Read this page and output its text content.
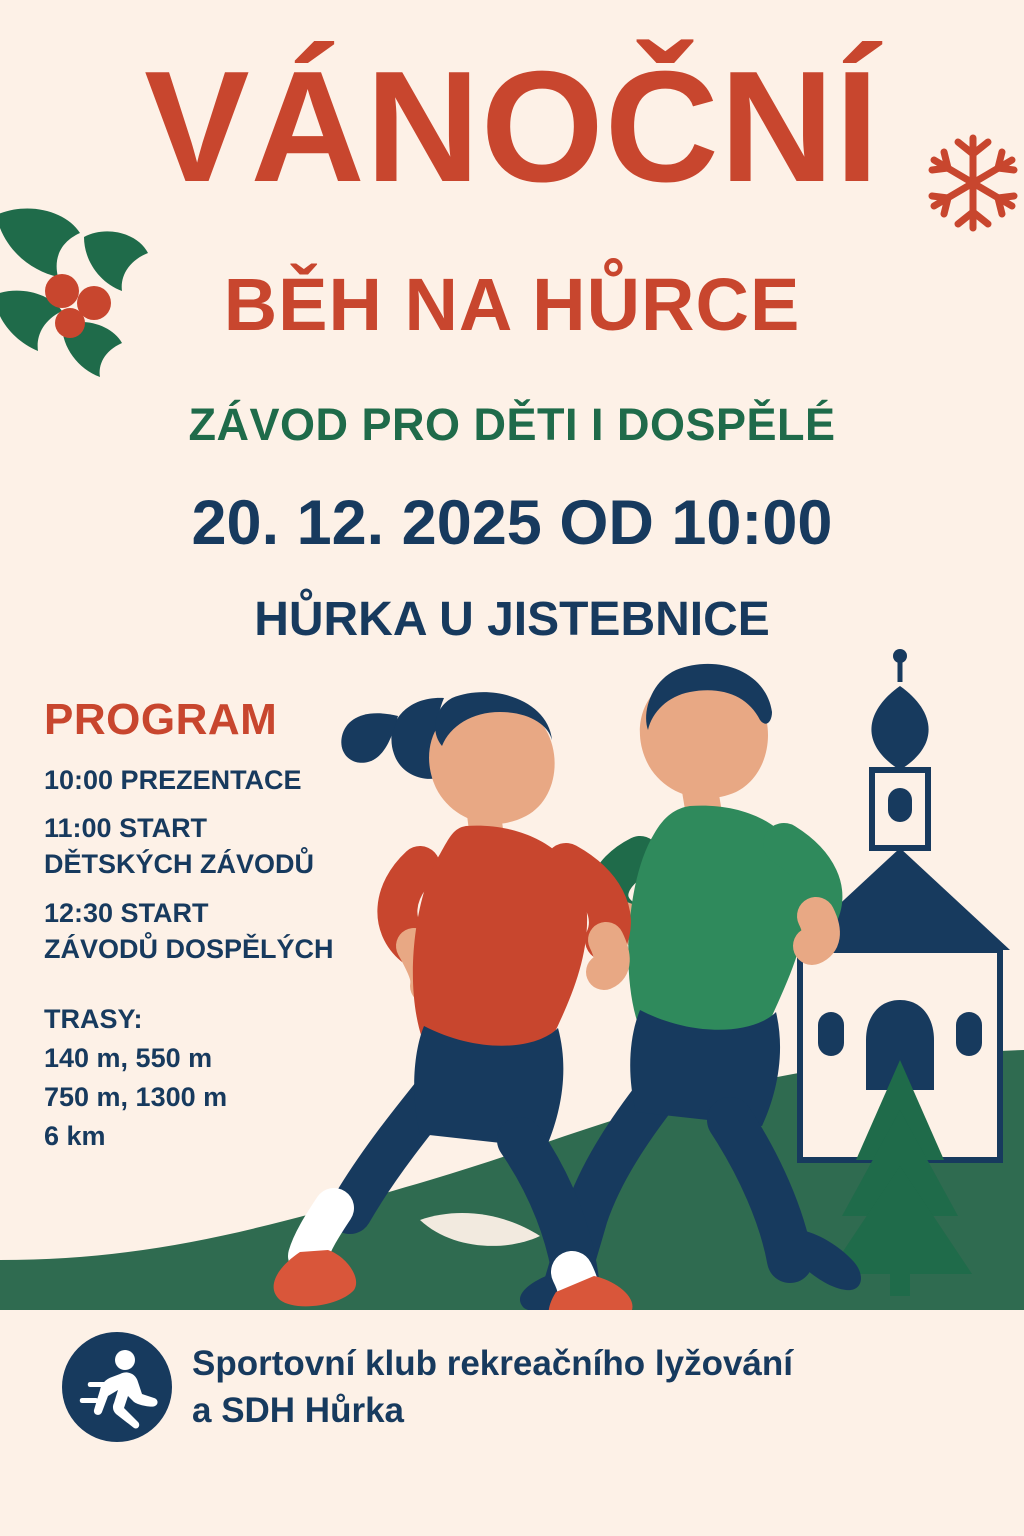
VÁNOČNÍ
BĚH NA HŮRCE
ZÁVOD PRO DĚTI I DOSPĚLÉ
20. 12. 2025 OD 10:00
HŮRKA U JISTEBNICE
PROGRAM
10:00 PREZENTACE
11:00 START
DĚTSKÝCH ZÁVODŮ
12:30 START
ZÁVODŮ DOSPĚLÝCH
TRASY:
140 m, 550 m
750 m, 1300 m
6 km
Sportovní klub rekreačního lyžování
a SDH Hůrka
